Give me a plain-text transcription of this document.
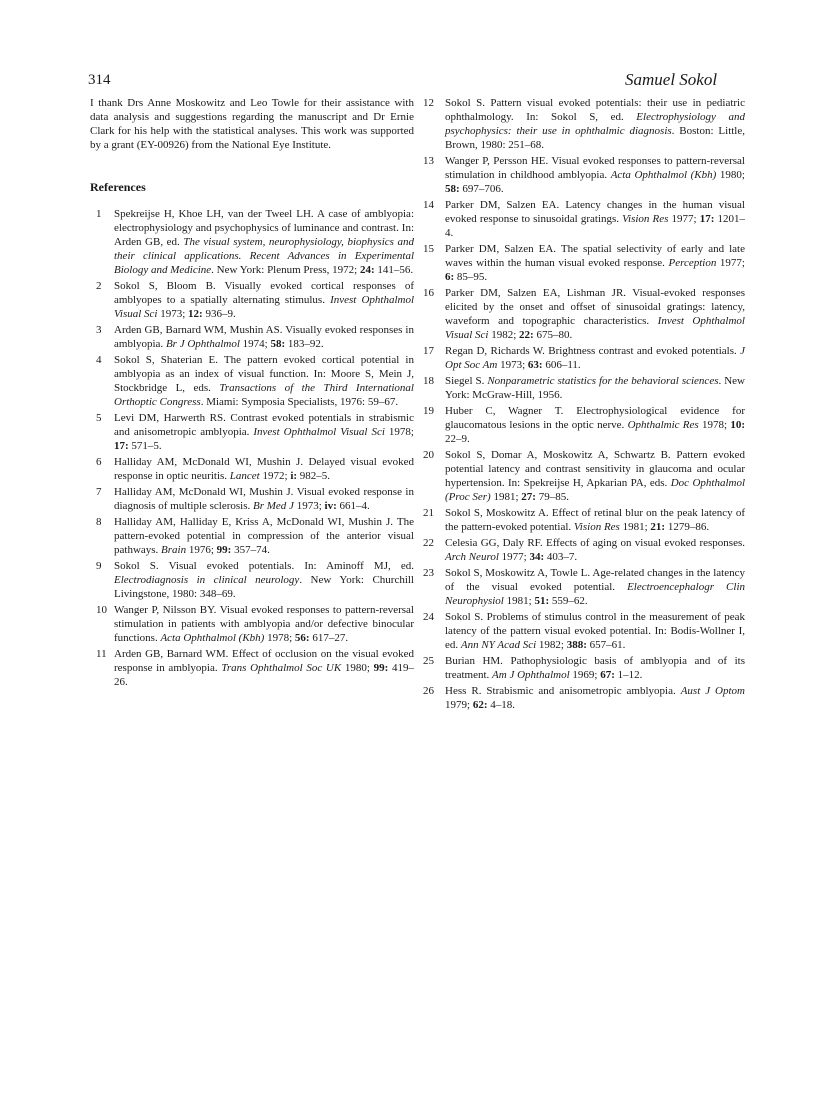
314	Samuel Sokol

I thank Drs Anne Moskowitz and Leo Towle for their assistance with data analysis and suggestions regarding the manuscript and Dr Ernie Clark for his help with the statistical analyses. This work was supported by a grant (EY-00926) from the National Eye Institute.

References
1 Spekreijse H, Khoe LH, van der Tweel LH. A case of amblyopia: electrophysiology and psychophysics of luminance and contrast. In: Arden GB, ed. The visual system, neurophysiology, biophysics and their clinical applications. Recent Advances in Experimental Biology and Medicine. New York: Plenum Press, 1972; 24: 141–56.
2 Sokol S, Bloom B. Visually evoked cortical responses of amblyopes to a spatially alternating stimulus. Invest Ophthalmol Visual Sci 1973; 12: 936–9.
3 Arden GB, Barnard WM, Mushin AS. Visually evoked responses in amblyopia. Br J Ophthalmol 1974; 58: 183–92.
4 Sokol S, Shaterian E. The pattern evoked cortical potential in amblyopia as an index of visual function. In: Moore S, Mein J, Stockbridge L, eds. Transactions of the Third International Orthoptic Congress. Miami: Symposia Specialists, 1976: 59–67.
5 Levi DM, Harwerth RS. Contrast evoked potentials in strabismic and anisometropic amblyopia. Invest Ophthalmol Visual Sci 1978; 17: 571–5.
6 Halliday AM, McDonald WI, Mushin J. Delayed visual evoked response in optic neuritis. Lancet 1972; i: 982–5.
7 Halliday AM, McDonald WI, Mushin J. Visual evoked response in diagnosis of multiple sclerosis. Br Med J 1973; iv: 661–4.
8 Halliday AM, Halliday E, Kriss A, McDonald WI, Mushin J. The pattern-evoked potential in compression of the anterior visual pathways. Brain 1976; 99: 357–74.
9 Sokol S. Visual evoked potentials. In: Aminoff MJ, ed. Electrodiagnosis in clinical neurology. New York: Churchill Livingstone, 1980: 348–69.
10 Wanger P, Nilsson BY. Visual evoked responses to pattern-reversal stimulation in patients with amblyopia and/or defective binocular functions. Acta Ophthalmol (Kbh) 1978; 56: 617–27.
11 Arden GB, Barnard WM. Effect of occlusion on the visual evoked response in amblyopia. Trans Ophthalmol Soc UK 1980; 99: 419–26.
12 Sokol S. Pattern visual evoked potentials: their use in pediatric ophthalmology. In: Sokol S, ed. Electrophysiology and psychophysics: their use in ophthalmic diagnosis. Boston: Little, Brown, 1980: 251–68.
13 Wanger P, Persson HE. Visual evoked responses to pattern-reversal stimulation in childhood amblyopia. Acta Ophthalmol (Kbh) 1980; 58: 697–706.
14 Parker DM, Salzen EA. Latency changes in the human visual evoked response to sinusoidal gratings. Vision Res 1977; 17: 1201–4.
15 Parker DM, Salzen EA. The spatial selectivity of early and late waves within the human visual evoked response. Perception 1977; 6: 85–95.
16 Parker DM, Salzen EA, Lishman JR. Visual-evoked responses elicited by the onset and offset of sinusoidal gratings: latency, waveform and topographic characteristics. Invest Ophthalmol Visual Sci 1982; 22: 675–80.
17 Regan D, Richards W. Brightness contrast and evoked potentials. J Opt Soc Am 1973; 63: 606–11.
18 Siegel S. Nonparametric statistics for the behavioral sciences. New York: McGraw-Hill, 1956.
19 Huber C, Wagner T. Electrophysiological evidence for glaucomatous lesions in the optic nerve. Ophthalmic Res 1978; 10: 22–9.
20 Sokol S, Domar A, Moskowitz A, Schwartz B. Pattern evoked potential latency and contrast sensitivity in glaucoma and ocular hypertension. In: Spekreijse H, Apkarian PA, eds. Doc Ophthalmol (Proc Ser) 1981; 27: 79–85.
21 Sokol S, Moskowitz A. Effect of retinal blur on the peak latency of the pattern-evoked potential. Vision Res 1981; 21: 1279–86.
22 Celesia GG, Daly RF. Effects of aging on visual evoked responses. Arch Neurol 1977; 34: 403–7.
23 Sokol S, Moskowitz A, Towle L. Age-related changes in the latency of the visual evoked potential. Electroencephalogr Clin Neurophysiol 1981; 51: 559–62.
24 Sokol S. Problems of stimulus control in the measurement of peak latency of the pattern visual evoked potential. In: Bodis-Wollner I, ed. Ann NY Acad Sci 1982; 388: 657–61.
25 Burian HM. Pathophysiologic basis of amblyopia and of its treatment. Am J Ophthalmol 1969; 67: 1–12.
26 Hess R. Strabismic and anisometropic amblyopia. Aust J Optom 1979; 62: 4–18.
